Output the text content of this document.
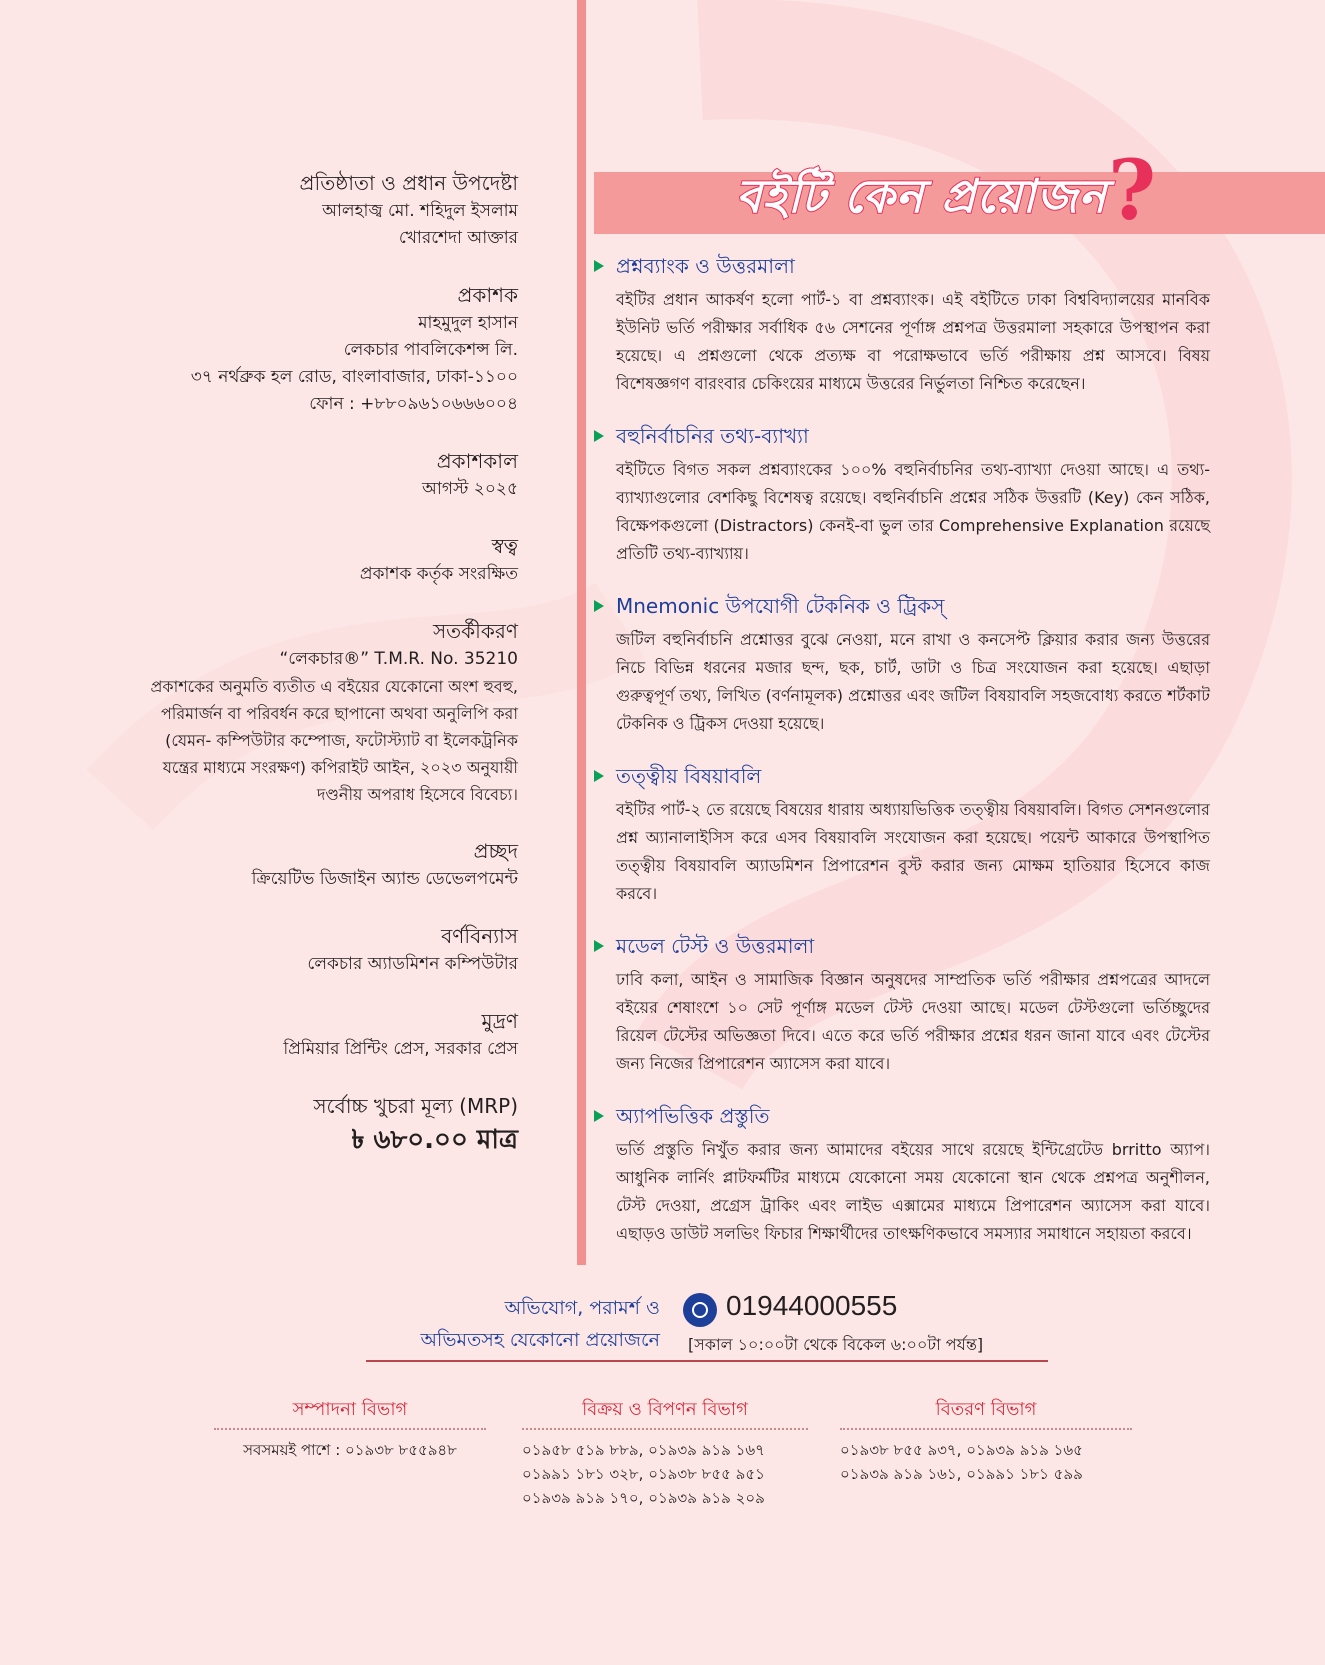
প্রতিষ্ঠাতা ও প্রধান উপদেষ্টা
আলহাজ্ব মো. শহিদুল ইসলাম
খোরশেদা আক্তার
প্রকাশক
মাহমুদুল হাসান
লেকচার পাবলিকেশন্স লি.
৩৭ নর্থব্রুক হল রোড, বাংলাবাজার, ঢাকা-১১০০
ফোন : +৮৮০৯৬১০৬৬৬০০৪
প্রকাশকাল
আগস্ট ২০২৫
স্বত্ব
প্রকাশক কর্তৃক সংরক্ষিত
সতর্কীকরণ
“লেকচার®” T.M.R. No. 35210
প্রকাশকের অনুমতি ব্যতীত এ বইয়ের যেকোনো অংশ হুবহু,
পরিমার্জন বা পরিবর্ধন করে ছাপানো অথবা অনুলিপি করা
(যেমন- কম্পিউটার কম্পোজ, ফটোস্ট্যাট বা ইলেকট্রনিক
যন্ত্রের মাধ্যমে সংরক্ষণ) কপিরাইট আইন, ২০২৩ অনুযায়ী
দণ্ডনীয় অপরাধ হিসেবে বিবেচ্য।
প্রচ্ছদ
ক্রিয়েটিভ ডিজাইন অ্যান্ড ডেভেলপমেন্ট
বর্ণবিন্যাস
লেকচার অ্যাডমিশন কম্পিউটার
মুদ্রণ
প্রিমিয়ার প্রিন্টিং প্রেস, সরকার প্রেস
সর্বোচ্চ খুচরা মূল্য (MRP)
৳ ৬৮০.০০ মাত্র
বইটি কেন প্রয়োজন ?
প্রশ্নব্যাংক ও উত্তরমালা
বইটির প্রধান আকর্ষণ হলো পার্ট-১ বা প্রশ্নব্যাংক। এই বইটিতে ঢাকা বিশ্ববিদ্যালয়ের মানবিক ইউনিট ভর্তি পরীক্ষার সর্বাধিক ৫৬ সেশনের পূর্ণাঙ্গ প্রশ্নপত্র উত্তরমালা সহকারে উপস্থাপন করা হয়েছে। এ প্রশ্নগুলো থেকে প্রত্যক্ষ বা পরোক্ষভাবে ভর্তি পরীক্ষায় প্রশ্ন আসবে। বিষয় বিশেষজ্ঞগণ বারংবার চেকিংয়ের মাধ্যমে উত্তরের নির্ভুলতা নিশ্চিত করেছেন।
বহুনির্বাচনির তথ্য-ব্যাখ্যা
বইটিতে বিগত সকল প্রশ্নব্যাংকের ১০০% বহুনির্বাচনির তথ্য-ব্যাখ্যা দেওয়া আছে। এ তথ্য-ব্যাখ্যাগুলোর বেশকিছু বিশেষত্ব রয়েছে। বহুনির্বাচনি প্রশ্নের সঠিক উত্তরটি (Key) কেন সঠিক, বিক্ষেপকগুলো (Distractors) কেনই-বা ভুল তার Comprehensive Explanation রয়েছে প্রতিটি তথ্য-ব্যাখ্যায়।
Mnemonic উপযোগী টেকনিক ও ট্রিকস্
জটিল বহুনির্বাচনি প্রশ্নোত্তর বুঝে নেওয়া, মনে রাখা ও কনসেপ্ট ক্লিয়ার করার জন্য উত্তরের নিচে বিভিন্ন ধরনের মজার ছন্দ, ছক, চার্ট, ডাটা ও চিত্র সংযোজন করা হয়েছে। এছাড়া গুরুত্বপূর্ণ তথ্য, লিখিত (বর্ণনামূলক) প্রশ্নোত্তর এবং জটিল বিষয়াবলি সহজবোধ্য করতে শর্টকাট টেকনিক ও ট্রিকস দেওয়া হয়েছে।
তত্ত্বীয় বিষয়াবলি
বইটির পার্ট-২ তে রয়েছে বিষয়ের ধারায় অধ্যায়ভিত্তিক তত্ত্বীয় বিষয়াবলি। বিগত সেশনগুলোর প্রশ্ন অ্যানালাইসিস করে এসব বিষয়াবলি সংযোজন করা হয়েছে। পয়েন্ট আকারে উপস্থাপিত তত্ত্বীয় বিষয়াবলি অ্যাডমিশন প্রিপারেশন বুস্ট করার জন্য মোক্ষম হাতিয়ার হিসেবে কাজ করবে।
মডেল টেস্ট ও উত্তরমালা
ঢাবি কলা, আইন ও সামাজিক বিজ্ঞান অনুষদের সাম্প্রতিক ভর্তি পরীক্ষার প্রশ্নপত্রের আদলে বইয়ের শেষাংশে ১০ সেট পূর্ণাঙ্গ মডেল টেস্ট দেওয়া আছে। মডেল টেস্টগুলো ভর্তিচ্ছুদের রিয়েল টেস্টের অভিজ্ঞতা দিবে। এতে করে ভর্তি পরীক্ষার প্রশ্নের ধরন জানা যাবে এবং টেস্টের জন্য নিজের প্রিপারেশন অ্যাসেস করা যাবে।
অ্যাপভিত্তিক প্রস্তুতি
ভর্তি প্রস্তুতি নিখুঁত করার জন্য আমাদের বইয়ের সাথে রয়েছে ইন্টিগ্রেটেড brritto অ্যাপ। আধুনিক লার্নিং প্লাটফর্মটির মাধ্যমে যেকোনো সময় যেকোনো স্থান থেকে প্রশ্নপত্র অনুশীলন, টেস্ট দেওয়া, প্রগ্রেস ট্রাকিং এবং লাইভ এক্সামের মাধ্যমে প্রিপারেশন অ্যাসেস করা যাবে। এছাড়ও ডাউট সলভিং ফিচার শিক্ষার্থীদের তাৎক্ষণিকভাবে সমস্যার সমাধানে সহায়তা করবে।
অভিযোগ, পরামর্শ ও
অভিমতসহ যেকোনো প্রয়োজনে
01944000555
[সকাল ১০:০০টা থেকে বিকেল ৬:০০টা পর্যন্ত]
সম্পাদনা বিভাগ
সবসময়ই পাশে : ০১৯৩৮ ৮৫৫৯৪৮
বিক্রয় ও বিপণন বিভাগ
০১৯৫৮ ৫১৯ ৮৮৯, ০১৯৩৯ ৯১৯ ১৬৭
০১৯৯১ ১৮১ ৩২৮, ০১৯৩৮ ৮৫৫ ৯৫১
০১৯৩৯ ৯১৯ ১৭০, ০১৯৩৯ ৯১৯ ২০৯
বিতরণ বিভাগ
০১৯৩৮ ৮৫৫ ৯৩৭, ০১৯৩৯ ৯১৯ ১৬৫
০১৯৩৯ ৯১৯ ১৬১, ০১৯৯১ ১৮১ ৫৯৯
